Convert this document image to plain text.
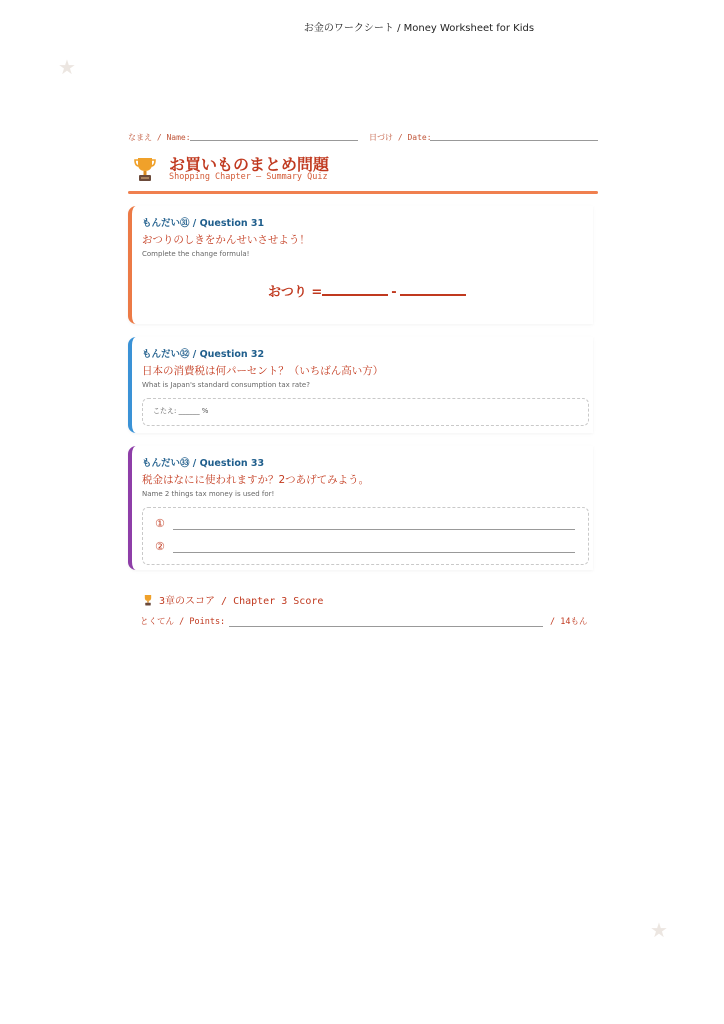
お金のワークシート / Money Worksheet for Kids
★
★
なまえ / Name:	日づけ / Date:
お買いものまとめ問題
Shopping Chapter — Summary Quiz
もんだい㉛ / Question 31
おつりのしきをかんせいさせよう！
Complete the change formula!
おつり =	-
もんだい㉜ / Question 32
日本の消費税は何パーセント？（いちばん高い方）
What is Japan's standard consumption tax rate?
こたえ: ______ %
もんだい㉝ / Question 33
税金はなにに使われますか？2つあげてみよう。
Name 2 things tax money is used for!
①
②
3章のスコア / Chapter 3 Score
とくてん / Points:	/ 14もん
